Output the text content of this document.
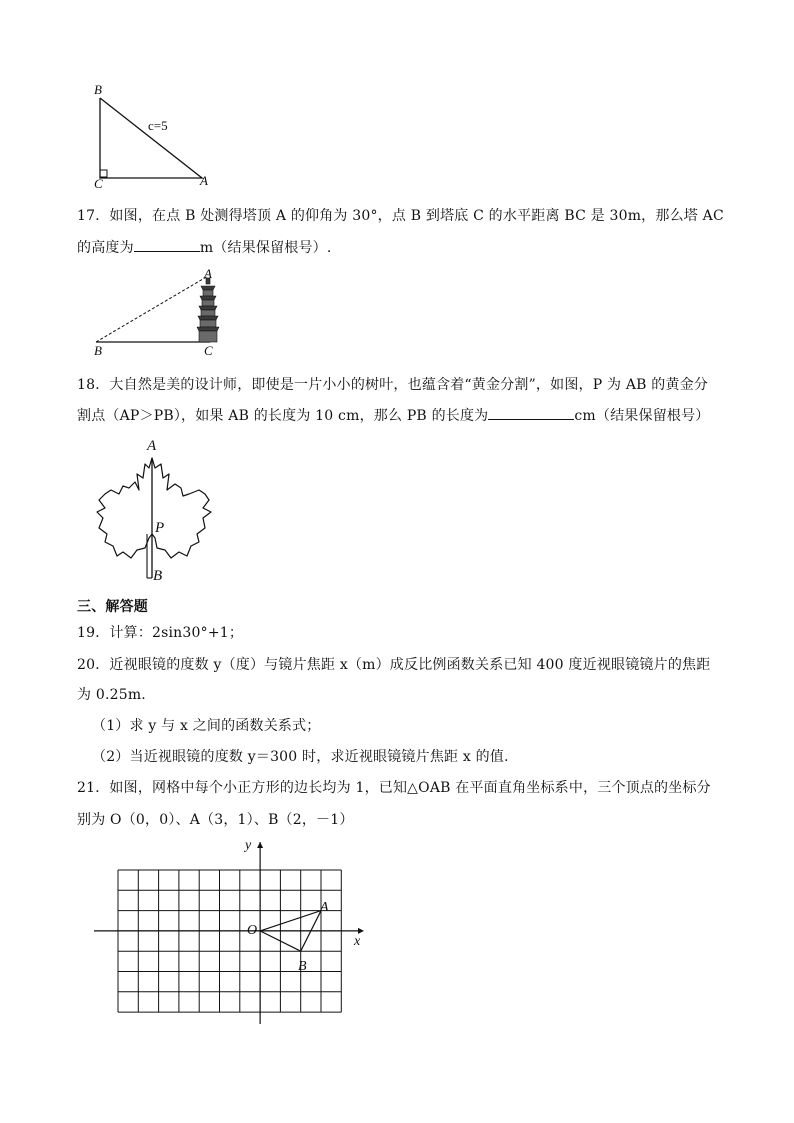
B
C	A
c=5
17．如图，在点 B 处测得塔顶 A 的仰角为 30°，点 B 到塔底 C 的水平距离 BC 是 30m，那么塔 AC
的高度为	m（结果保留根号）.
A
B	C
18．大自然是美的设计师，即使是一片小小的树叶，也蕴含着“黄金分割”，如图，P 为 AB 的黄金分
割点（AP＞PB），如果 AB 的长度为 10 cm，那么 PB 的长度为	cm（结果保留根号）
A
P
B
三、解答题
19．计算：2sin30°+1；
20．近视眼镜的度数 y（度）与镜片焦距 x（m）成反比例函数关系已知 400 度近视眼镜镜片的焦距
为 0.25m.
（1）求 y 与 x 之间的函数关系式；
（2）当近视眼镜的度数 y＝300 时，求近视眼镜镜片焦距 x 的值.
21．如图，网格中每个小正方形的边长均为 1，已知△OAB 在平面直角坐标系中，三个顶点的坐标分
别为 O（0，0）、A（3，1）、B（2，－1）
y
x
O
A
B
